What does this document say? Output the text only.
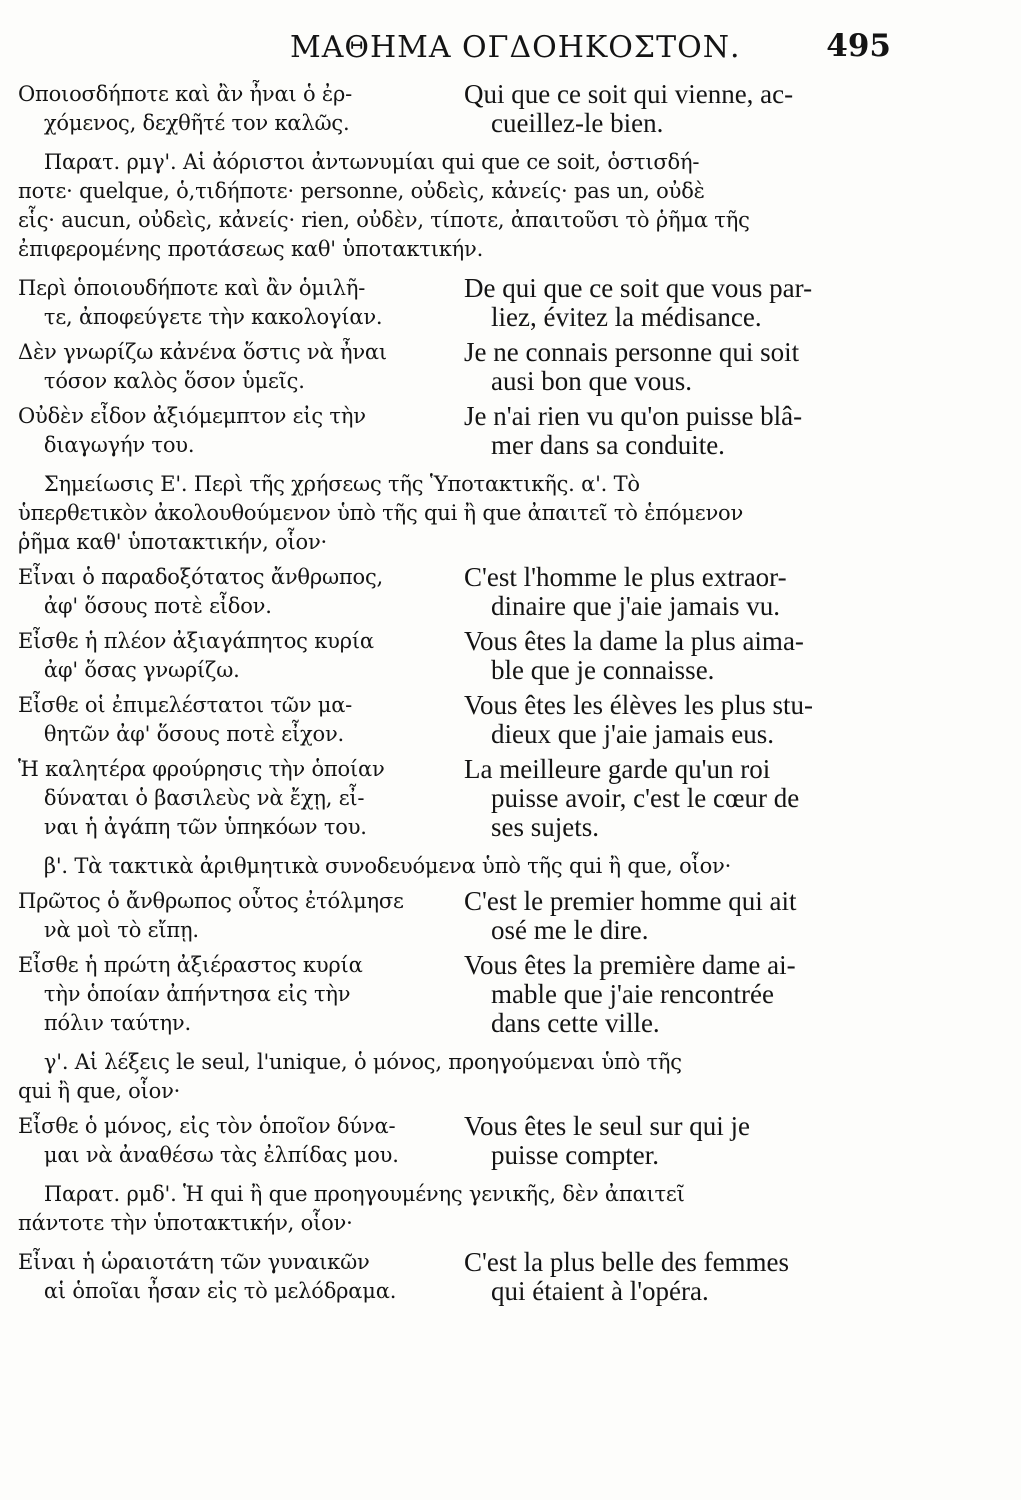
ΜΑΘΗΜΑ ΟΓΔΟΗΚΟΣΤΟΝ.	495
Οποιοσδήποτε καὶ ἂν ἦναι ὁ ἐρ-
χόμενος, δεχθῆτέ τον καλῶς.
Qui que ce soit qui vienne, ac-
cueillez-le bien.
Παρατ. ρμγ'. Αἱ ἀόριστοι ἀντωνυμίαι qui que ce soit, ὁστισδή-
ποτε· quelque, ὁ,τιδήποτε· personne, οὐδεὶς, κἀνείς· pas un, οὐδὲ
εἷς· aucun, οὐδεὶς, κἀνείς· rien, οὐδὲν, τίποτε, ἀπαιτοῦσι τὸ ῥῆμα τῆς
ἐπιφερομένης προτάσεως καθ' ὑποτακτικήν.
Περὶ ὁποιουδήποτε καὶ ἂν ὁμιλῆ-
τε, ἀποφεύγετε τὴν κακολογίαν.
De qui que ce soit que vous par-
liez, évitez la médisance.
Δὲν γνωρίζω κἀνένα ὅστις νὰ ἦναι
τόσον καλὸς ὅσον ὑμεῖς.
Je ne connais personne qui soit
ausi bon que vous.
Οὐδὲν εἶδον ἀξιόμεμπτον εἰς τὴν
διαγωγήν του.
Je n'ai rien vu qu'on puisse blâ-
mer dans sa conduite.
Σημείωσις Ε'. Περὶ τῆς χρήσεως τῆς Ὑποτακτικῆς. α'. Τὸ
ὑπερθετικὸν ἀκολουθούμενον ὑπὸ τῆς qui ἢ que ἀπαιτεῖ τὸ ἑπόμενον
ῥῆμα καθ' ὑποτακτικήν, οἷον·
Εἶναι ὁ παραδοξότατος ἄνθρωπος,
ἀφ' ὅσους ποτὲ εἶδον.
C'est l'homme le plus extraor-
dinaire que j'aie jamais vu.
Εἶσθε ἡ πλέον ἀξιαγάπητος κυρία
ἀφ' ὅσας γνωρίζω.
Vous êtes la dame la plus aima-
ble que je connaisse.
Εἶσθε οἱ ἐπιμελέστατοι τῶν μα-
θητῶν ἀφ' ὅσους ποτὲ εἶχον.
Vous êtes les élèves les plus stu-
dieux que j'aie jamais eus.
Ἡ καλητέρα φρούρησις τὴν ὁποίαν
δύναται ὁ βασιλεὺς νὰ ἔχῃ, εἶ-
ναι ἡ ἀγάπη τῶν ὑπηκόων του.
La meilleure garde qu'un roi
puisse avoir, c'est le cœur de
ses sujets.
β'. Τὰ τακτικὰ ἀριθμητικὰ συνοδευόμενα ὑπὸ τῆς qui ἢ que, οἷον·
Πρῶτος ὁ ἄνθρωπος οὗτος ἐτόλμησε
νὰ μοὶ τὸ εἴπῃ.
C'est le premier homme qui ait
osé me le dire.
Εἶσθε ἡ πρώτη ἀξιέραστος κυρία
τὴν ὁποίαν ἀπήντησα εἰς τὴν
πόλιν ταύτην.
Vous êtes la première dame ai-
mable que j'aie rencontrée
dans cette ville.
γ'. Αἱ λέξεις le seul, l'unique, ὁ μόνος, προηγούμεναι ὑπὸ τῆς
qui ἢ que, οἷον·
Εἶσθε ὁ μόνος, εἰς τὸν ὁποῖον δύνα-
μαι νὰ ἀναθέσω τὰς ἐλπίδας μου.
Vous êtes le seul sur qui je
puisse compter.
Παρατ. ρμδ'. Ἡ qui ἢ que προηγουμένης γενικῆς, δὲν ἀπαιτεῖ
πάντοτε τὴν ὑποτακτικήν, οἷον·
Εἶναι ἡ ὡραιοτάτη τῶν γυναικῶν
αἱ ὁποῖαι ἦσαν εἰς τὸ μελόδραμα.
C'est la plus belle des femmes
qui étaient à l'opéra.
